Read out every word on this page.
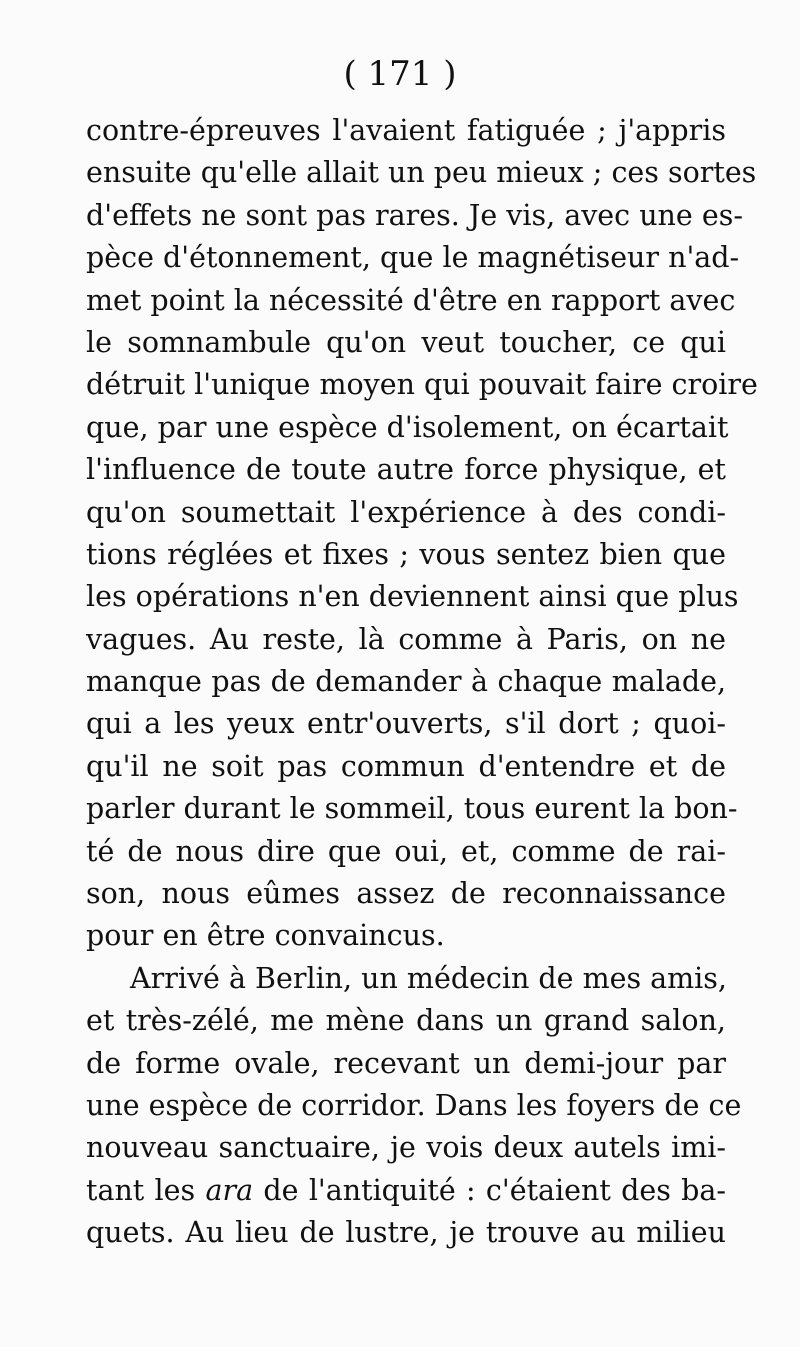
( 171 )
contre-épreuves l'avaient fatiguée ; j'appris
ensuite qu'elle allait un peu mieux ; ces sortes
d'effets ne sont pas rares. Je vis, avec une es-
pèce d'étonnement, que le magnétiseur n'ad-
met point la nécessité d'être en rapport avec
le somnambule qu'on veut toucher, ce qui
détruit l'unique moyen qui pouvait faire croire
que, par une espèce d'isolement, on écartait
l'influence de toute autre force physique, et
qu'on soumettait l'expérience à des condi-
tions réglées et fixes ; vous sentez bien que
les opérations n'en deviennent ainsi que plus
vagues. Au reste, là comme à Paris, on ne
manque pas de demander à chaque malade,
qui a les yeux entr'ouverts, s'il dort ; quoi-
qu'il ne soit pas commun d'entendre et de
parler durant le sommeil, tous eurent la bon-
té de nous dire que oui, et, comme de rai-
son, nous eûmes assez de reconnaissance
pour en être convaincus.
Arrivé à Berlin, un médecin de mes amis,
et très-zélé, me mène dans un grand salon,
de forme ovale, recevant un demi-jour par
une espèce de corridor. Dans les foyers de ce
nouveau sanctuaire, je vois deux autels imi-
tant les ara de l'antiquité : c'étaient des ba-
quets. Au lieu de lustre, je trouve au milieu
